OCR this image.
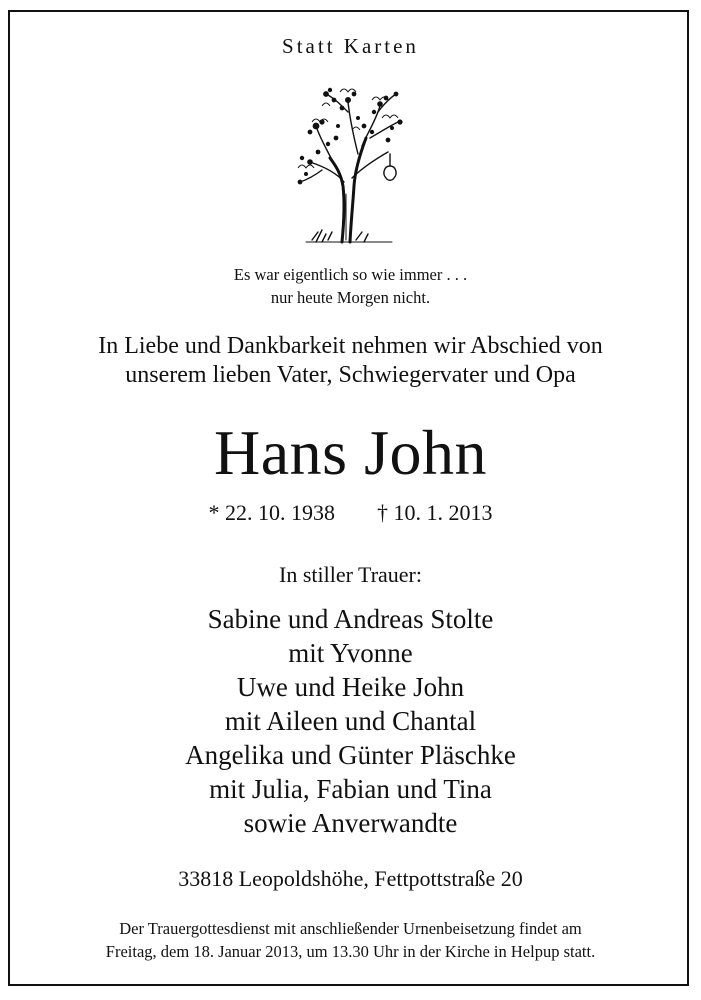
Statt Karten
Es war eigentlich so wie immer . . .
nur heute Morgen nicht.
In Liebe und Dankbarkeit nehmen wir Abschied von
unserem lieben Vater, Schwiegervater und Opa
Hans John
* 22. 10. 1938 † 10. 1. 2013
In stiller Trauer:
Sabine und Andreas Stolte
mit Yvonne
Uwe und Heike John
mit Aileen und Chantal
Angelika und Günter Pläschke
mit Julia, Fabian und Tina
sowie Anverwandte
33818 Leopoldshöhe, Fettpottstraße 20
Der Trauergottesdienst mit anschließender Urnenbeisetzung findet am
Freitag, dem 18. Januar 2013, um 13.30 Uhr in der Kirche in Helpup statt.
